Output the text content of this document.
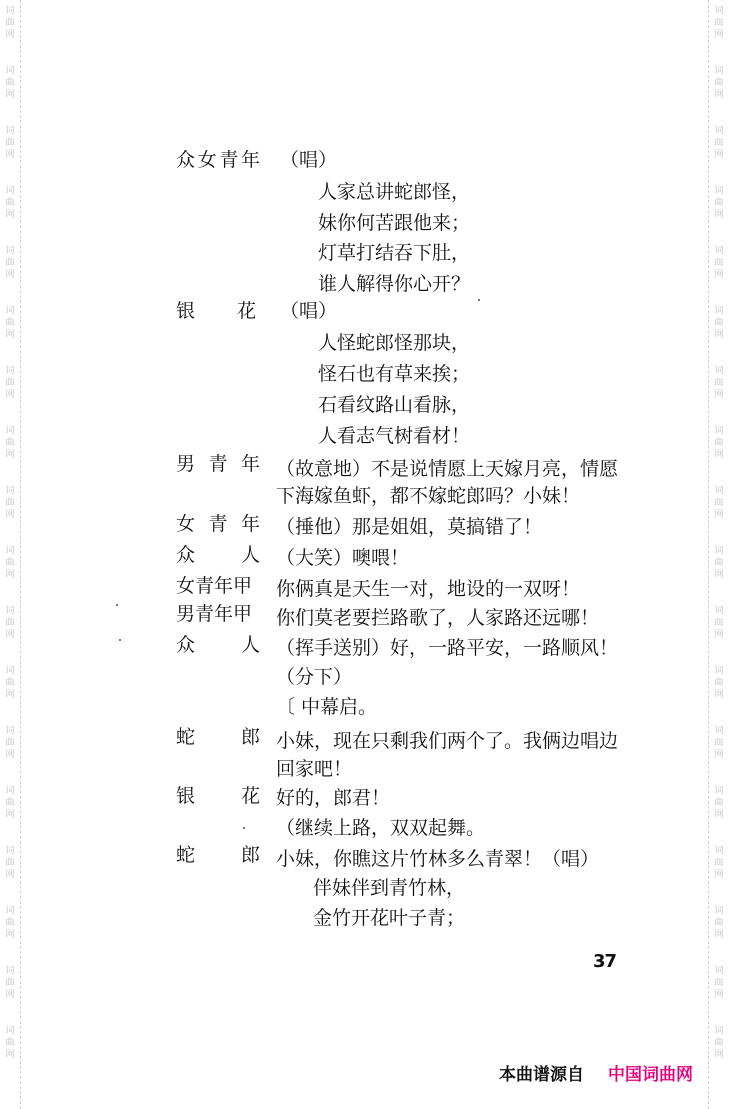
词
曲
网
词
曲
网
词
曲
网
词
曲
网
词
曲
网
词
曲
网
词
曲
网
词
曲
网
词
曲
网
词
曲
网
词
曲
网
词
曲
网
词
曲
网
词
曲
网
词
曲
网
词
曲
网
词
曲
网
词
曲
网
词
曲
网
词
曲
网
词
曲
网
词
曲
网
词
曲
网
词
曲
网
词
曲
网
词
曲
网
词
曲
网
词
曲
网
词
曲
网
词
曲
网
词
曲
网
词
曲
网
词
曲
网
词
曲
网
词
曲
网
词
曲
网
众女青年 （唱）
人家总讲蛇郎怪，
妹你何苦跟他来；
灯草打结吞下肚，
谁人解得你心开？
银花 （唱）
人怪蛇郎怪那块，
怪石也有草来挨；
石看纹路山看脉，
人看志气树看材！
男青年 （故意地）不是说情愿上天嫁月亮，情愿
下海嫁鱼虾，都不嫁蛇郎吗？小妹！
女青年 （捶他）那是姐姐，莫搞错了！
众人 （大笑）噢喂！
女青年甲 你俩真是天生一对，地设的一双呀！
男青年甲 你们莫老要拦路歌了，人家路还远哪！
众人 （挥手送别）好，一路平安，一路顺风！
（分下）
〔 中幕启。
蛇郎 小妹，现在只剩我们两个了。我俩边唱边
回家吧！
银花 好的，郎君！
（继续上路，双双起舞。
蛇郎 小妹，你瞧这片竹林多么青翠！（唱）
伴妹伴到青竹林，
金竹开花叶子青；
37
本曲谱源自 中国词曲网
